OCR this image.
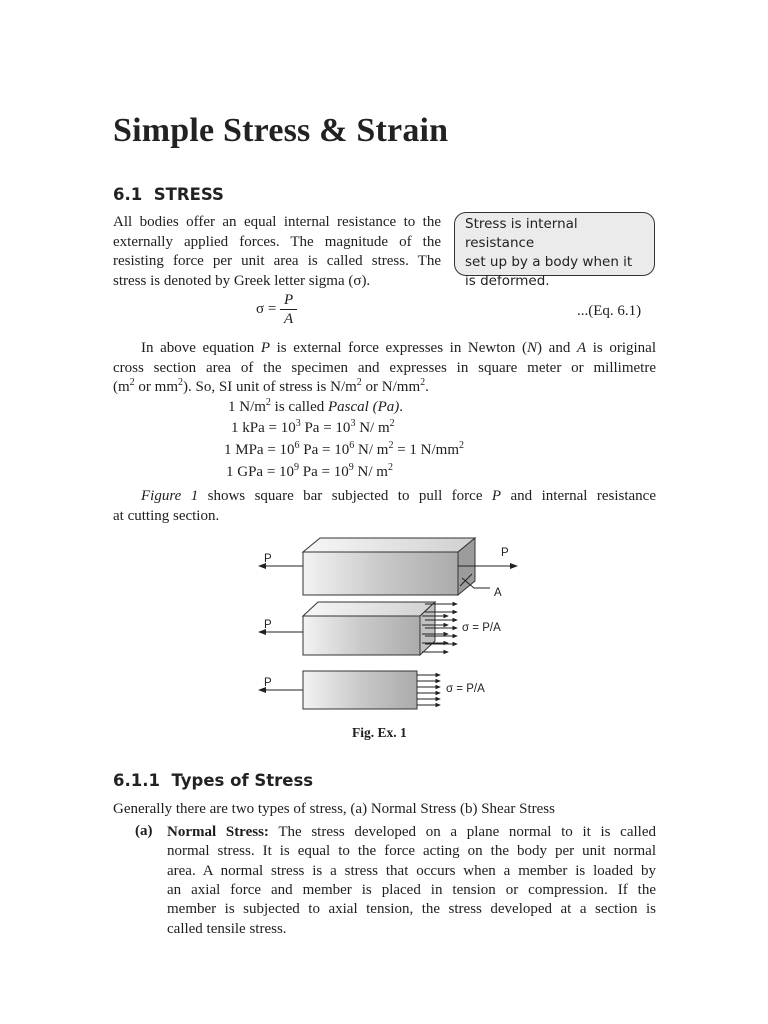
Simple Stress & Strain
6.1 STRESS
All bodies offer an equal internal resistance to the
externally applied forces. The magnitude of the
resisting force per unit area is called stress. The
stress is denoted by Greek letter sigma (σ).
Stress is internal resistance
set up by a body when it
is deformed.
$\sigma = \frac{P}{A}$	...(Eq. 6.1)
In above equation P is external force expresses in Newton (N) and A is original
cross section area of the specimen and expresses in square meter or millimetre
($m^2$ or $mm^2$). So, SI unit of stress is $N/m^2$ or $N/mm^2$.
1 $N/m^2$ is called Pascal (Pa).
1 kPa = $10^3$ $Pa = 10^3$ N/ $m^2$
1 MPa = $10^6$ $Pa = 10^6$ N/ $m^2 = 1$ $N/mm^2$
1 GPa = $10^9$ $Pa = 10^9$ N/ $m^2$
Figure 1 shows square bar subjected to pull force P and internal resistance
at cutting section.
P	P
A
P	σ = P/A
P	σ = P/A
Fig. Ex. 1
6.1.1 Types of Stress
Generally there are two types of stress, (a) Normal Stress (b) Shear Stress
(a) Normal Stress: The stress developed on a plane normal to it is called
normal stress. It is equal to the force acting on the body per unit normal
area. A normal stress is a stress that occurs when a member is loaded by
an axial force and member is placed in tension or compression. If the
member is subjected to axial tension, the stress developed at a section is
called tensile stress.
